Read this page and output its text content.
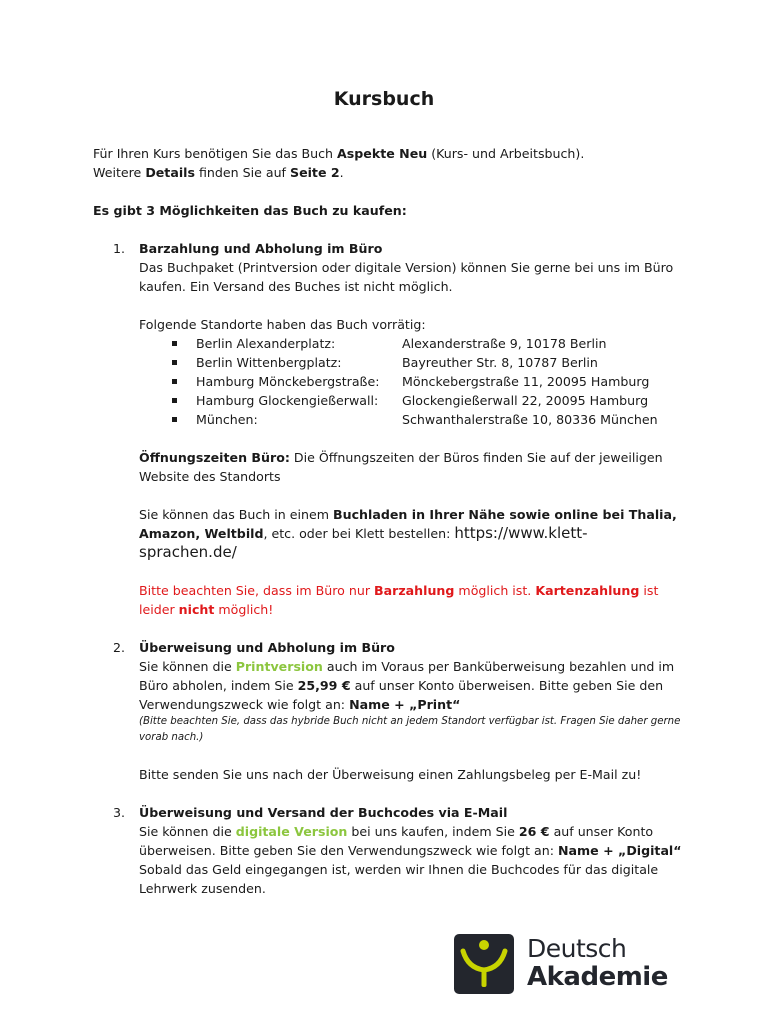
Kursbuch

Für Ihren Kurs benötigen Sie das Buch Aspekte Neu (Kurs- und Arbeitsbuch).

Weitere Details finden Sie auf Seite 2.

Es gibt 3 Möglichkeiten das Buch zu kaufen:

1. Barzahlung und Abholung im Büro

Das Buchpaket (Printversion oder digitale Version) können Sie gerne bei uns im Büro kaufen. Ein Versand des Buches ist nicht möglich.

Folgende Standorte haben das Buch vorrätig:

Berlin Alexanderplatz:	Alexanderstraße 9, 10178 Berlin
Berlin Wittenbergplatz:	Bayreuther Str. 8, 10787 Berlin
Hamburg Mönckebergstraße: Mönckebergstraße 11, 20095 Hamburg
Hamburg Glockengießerwall: Glockengießerwall 22, 20095 Hamburg
München:	Schwanthalerstraße 10, 80336 München

Öffnungszeiten Büro: Die Öffnungszeiten der Büros finden Sie auf der jeweiligen Website des Standorts

Sie können das Buch in einem Buchladen in Ihrer Nähe sowie online bei Thalia, Amazon, Weltbild, etc. oder bei Klett bestellen: https://www.klett-sprachen.de/

Bitte beachten Sie, dass im Büro nur Barzahlung möglich ist. Kartenzahlung ist leider nicht möglich!

2. Überweisung und Abholung im Büro

Sie können die Printversion auch im Voraus per Banküberweisung bezahlen und im Büro abholen, indem Sie 25,99 € auf unser Konto überweisen. Bitte geben Sie den Verwendungszweck wie folgt an: Name + „Print“

(Bitte beachten Sie, dass das hybride Buch nicht an jedem Standort verfügbar ist. Fragen Sie daher gerne vorab nach.)

Bitte senden Sie uns nach der Überweisung einen Zahlungsbeleg per E-Mail zu!

3. Überweisung und Versand der Buchcodes via E-Mail

Sie können die digitale Version bei uns kaufen, indem Sie 26 € auf unser Konto überweisen. Bitte geben Sie den Verwendungszweck wie folgt an: Name + „Digital“

Sobald das Geld eingegangen ist, werden wir Ihnen die Buchcodes für das digitale Lehrwerk zusenden.

Deutsch
Akademie
